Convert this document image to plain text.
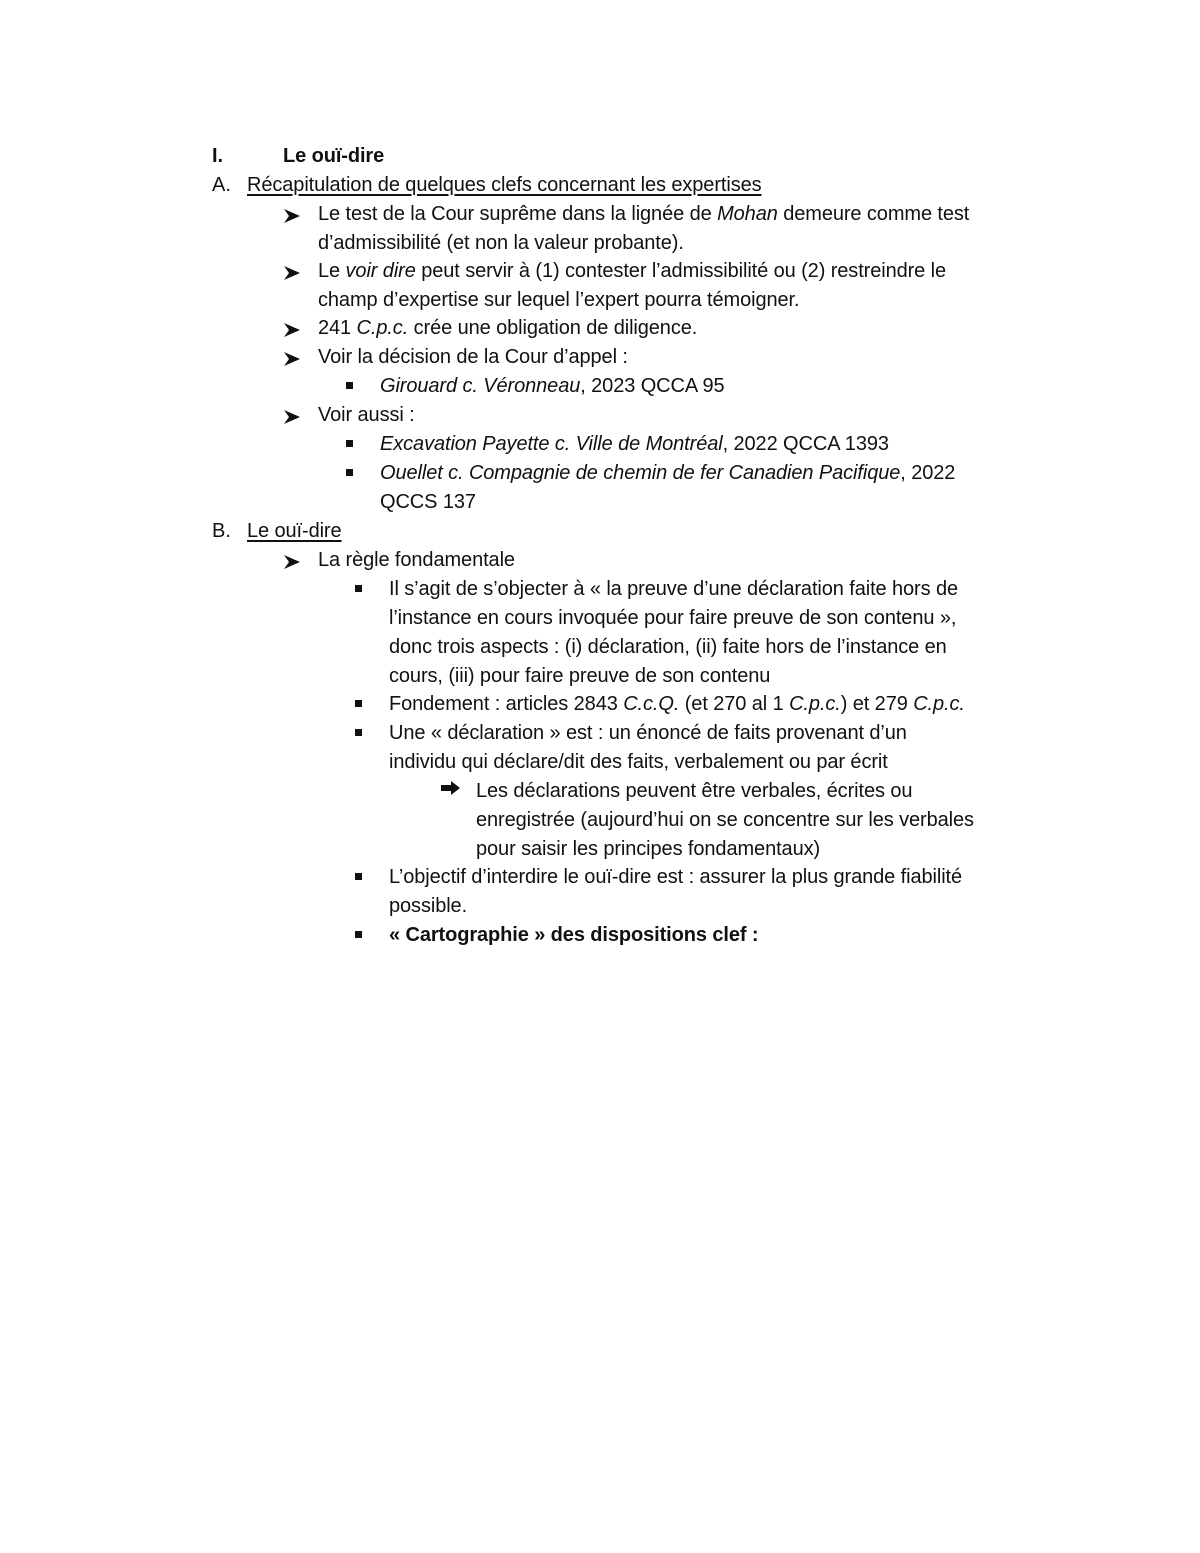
I.	Le ouï-dire
A. Récapitulation de quelques clefs concernant les expertises
Le test de la Cour suprême dans la lignée de Mohan demeure comme test
d’admissibilité (et non la valeur probante).
Le voir dire peut servir à (1) contester l’admissibilité ou (2) restreindre le
champ d’expertise sur lequel l’expert pourra témoigner.
241 C.p.c. crée une obligation de diligence.
Voir la décision de la Cour d’appel :
Girouard c. Véronneau, 2023 QCCA 95
Voir aussi :
Excavation Payette c. Ville de Montréal, 2022 QCCA 1393
Ouellet c. Compagnie de chemin de fer Canadien Pacifique, 2022
QCCS 137
B. Le ouï-dire
La règle fondamentale
Il s’agit de s’objecter à « la preuve d’une déclaration faite hors de
l’instance en cours invoquée pour faire preuve de son contenu »,
donc trois aspects : (i) déclaration, (ii) faite hors de l’instance en
cours, (iii) pour faire preuve de son contenu
Fondement : articles 2843 C.c.Q. (et 270 al 1 C.p.c.) et 279 C.p.c.
Une « déclaration » est : un énoncé de faits provenant d’un
individu qui déclare/dit des faits, verbalement ou par écrit
Les déclarations peuvent être verbales, écrites ou
enregistrée (aujourd’hui on se concentre sur les verbales
pour saisir les principes fondamentaux)
L’objectif d’interdire le ouï-dire est : assurer la plus grande fiabilité
possible.
« Cartographie » des dispositions clef :
